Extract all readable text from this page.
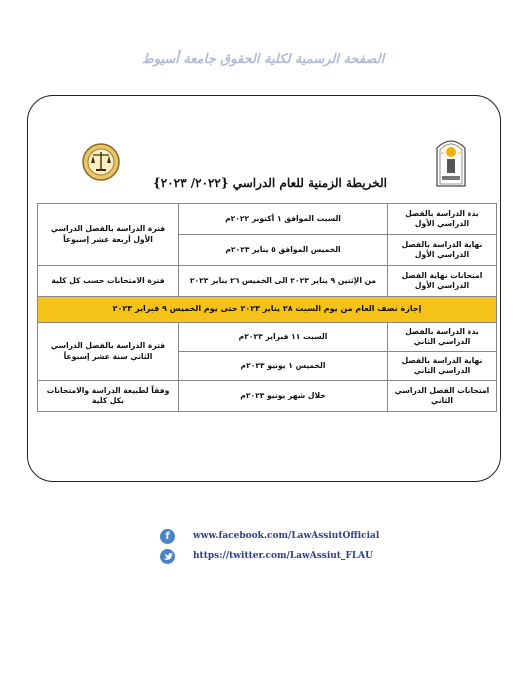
الصفحة الرسمية لكلية الحقوق جامعة أسيوط
الخريطة الزمنية للعام الدراسي {٢٠٢٢/ ٢٠٢٣}
بدء الدراسة بالفصل الدراسي الأول	السبت الموافق ١ أكتوبر ٢٠٢٢م	فترة الدراسة بالفصل الدراسي الأول أربعة عشر إسبوعاً
نهاية الدراسة بالفصل الدراسي الأول	الخميس الموافق ٥ يناير ٢٠٢٣م	
امتحانات نهاية الفصل الدراسي الأول	من الإثنين ٩ يناير ٢٠٢٣ الى الخميس ٢٦ يناير ٢٠٢٣	فترة الامتحانات حسب كل كلية
إجازة نصف العام من يوم السبت ٢٨ يناير ٢٠٢٣ حتى يوم الخميس ٩ فبراير ٢٠٢٣		
بدء الدراسة بالفصل الدراسي الثاني	السبت ١١ فبراير ٢٠٢٣م	فترة الدراسة بالفصل الدراسي الثاني سنة عشر إسبوعاً
نهاية الدراسة بالفصل الدراسي الثاني	الخميس ١ يونيو ٢٠٢٣م	
امتحانات الفصل الدراسي الثاني	خلال شهر يونيو ٢٠٢٣م	وفقاً لطبيعة الدراسة والامتحانات بكل كلية
f	www.facebook.com/LawAssiutOfficial
https://twitter.com/LawAssiut_FLAU
